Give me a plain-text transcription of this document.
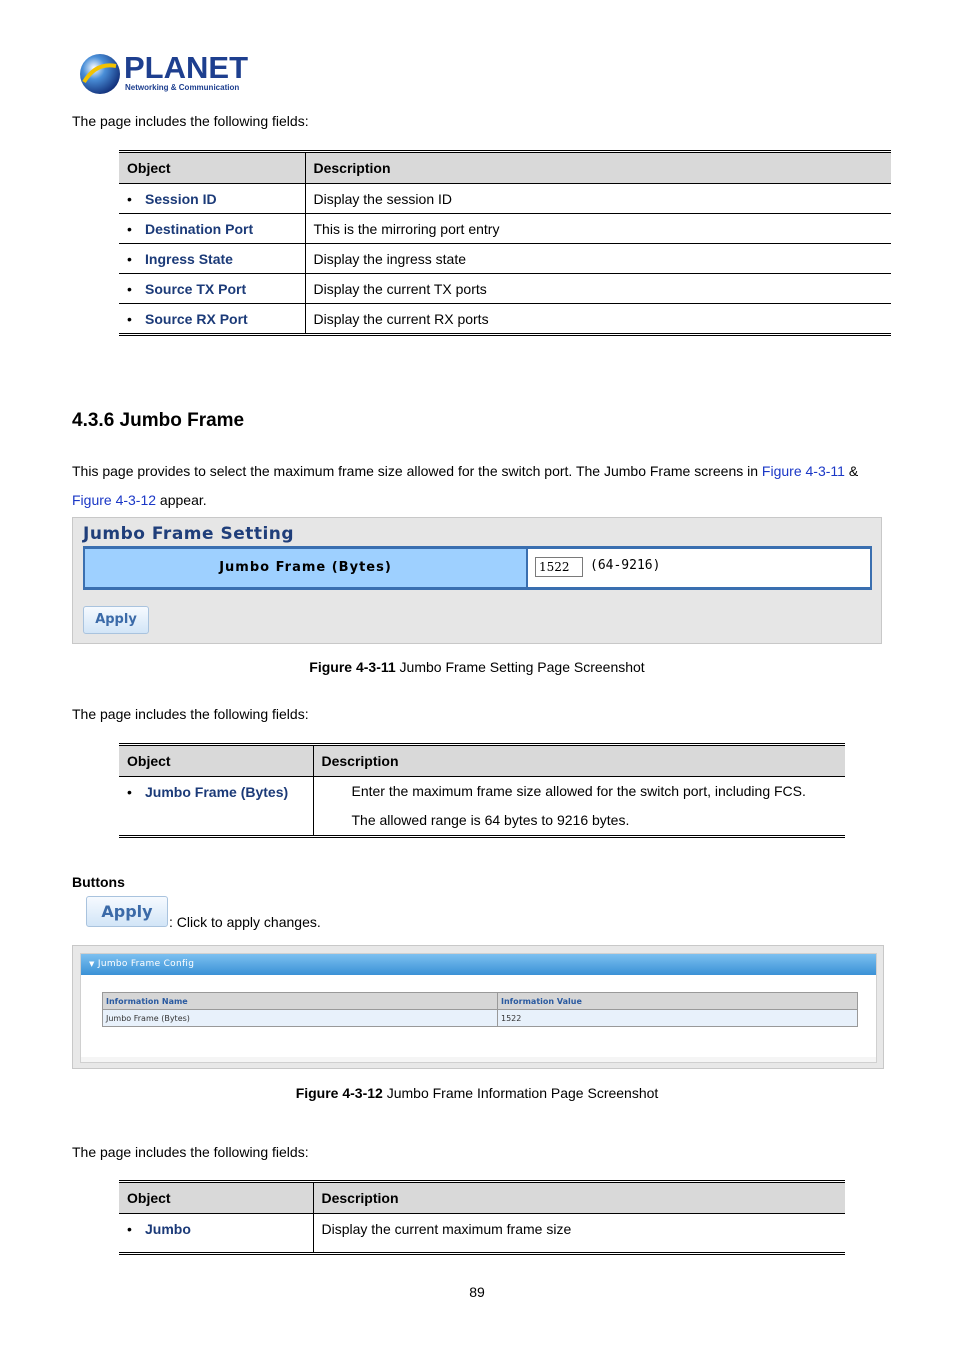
PLANET
Networking & Communication
The page includes the following fields:
Object	Description
• Session ID	Display the session ID
• Destination Port	This is the mirroring port entry
• Ingress State	Display the ingress state
• Source TX Port	Display the current TX ports
• Source RX Port	Display the current RX ports
4.3.6 Jumbo Frame
This page provides to select the maximum frame size allowed for the switch port. The Jumbo Frame screens in Figure 4-3-11 &
Figure 4-3-12 appear.
Jumbo Frame Setting
Jumbo Frame (Bytes)	1522	(64-9216)
Apply
Figure 4-3-11 Jumbo Frame Setting Page Screenshot
The page includes the following fields:
Object	Description
• Jumbo Frame (Bytes)	Enter the maximum frame size allowed for the switch port, including FCS.
The allowed range is 64 bytes to 9216 bytes.
Buttons
Apply
: Click to apply changes.
▼ Jumbo Frame Config
Information Name	Information Value
Jumbo Frame (Bytes)	1522
Figure 4-3-12 Jumbo Frame Information Page Screenshot
The page includes the following fields:
Object	Description
• Jumbo	Display the current maximum frame size
89
